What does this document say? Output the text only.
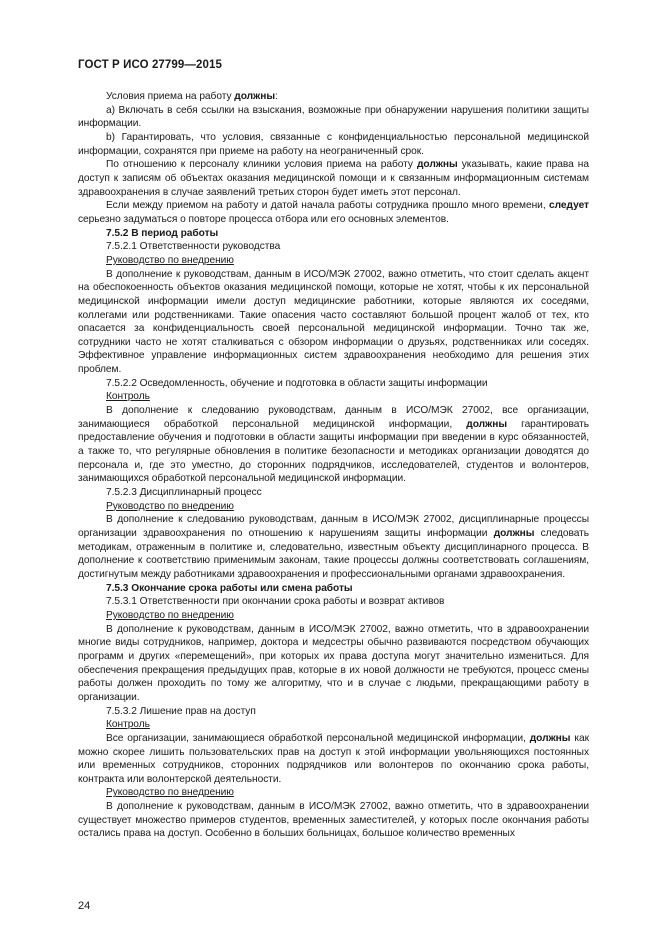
ГОСТ Р ИСО 27799—2015
Условия приема на работу должны:
а) Включать в себя ссылки на взыскания, возможные при обнаружении нарушения политики защиты информации.
b) Гарантировать, что условия, связанные с конфиденциальностью персональной медицинской информации, сохранятся при приеме на работу на неограниченный срок.
По отношению к персоналу клиники условия приема на работу должны указывать, какие права на доступ к записям об объектах оказания медицинской помощи и к связанным информационным системам здравоохранения в случае заявлений третьих сторон будет иметь этот персонал.
Если между приемом на работу и датой начала работы сотрудника прошло много времени, следует серьезно задуматься о повторе процесса отбора или его основных элементов.
7.5.2 В период работы
7.5.2.1 Ответственности руководства
Руководство по внедрению
В дополнение к руководствам, данным в ИСО/МЭК 27002, важно отметить, что стоит сделать акцент на обеспокоенность объектов оказания медицинской помощи, которые не хотят, чтобы к их персональной медицинской информации имели доступ медицинские работники, которые являются их соседями, коллегами или родственниками. Такие опасения часто составляют большой процент жалоб от тех, кто опасается за конфиденциальность своей персональной медицинской информации. Точно так же, сотрудники часто не хотят сталкиваться с обзором информации о друзьях, родственниках или соседях. Эффективное управление информационных систем здравоохранения необходимо для решения этих проблем.
7.5.2.2 Осведомленность, обучение и подготовка в области защиты информации
Контроль
В дополнение к следованию руководствам, данным в ИСО/МЭК 27002, все организации, занимающиеся обработкой персональной медицинской информации, должны гарантировать предоставление обучения и подготовки в области защиты информации при введении в курс обязанностей, а также то, что регулярные обновления в политике безопасности и методиках организации доводятся до персонала и, где это уместно, до сторонних подрядчиков, исследователей, студентов и волонтеров, занимающихся обработкой персональной медицинской информации.
7.5.2.3 Дисциплинарный процесс
Руководство по внедрению
В дополнение к следованию руководствам, данным в ИСО/МЭК 27002, дисциплинарные процессы организации здравоохранения по отношению к нарушениям защиты информации должны следовать методикам, отраженным в политике и, следовательно, известным объекту дисциплинарного процесса. В дополнение к соответствию применимым законам, такие процессы должны соответствовать соглашениям, достигнутым между работниками здравоохранения и профессиональными органами здравоохранения.
7.5.3 Окончание срока работы или смена работы
7.5.3.1 Ответственности при окончании срока работы и возврат активов
Руководство по внедрению
В дополнение к руководствам, данным в ИСО/МЭК 27002, важно отметить, что в здравоохранении многие виды сотрудников, например, доктора и медсестры обычно развиваются посредством обучающих программ и других «перемещений», при которых их права доступа могут значительно измениться. Для обеспечения прекращения предыдущих прав, которые в их новой должности не требуются, процесс смены работы должен проходить по тому же алгоритму, что и в случае с людьми, прекращающими работу в организации.
7.5.3.2 Лишение прав на доступ
Контроль
Все организации, занимающиеся обработкой персональной медицинской информации, должны как можно скорее лишить пользовательских прав на доступ к этой информации увольняющихся постоянных или временных сотрудников, сторонних подрядчиков или волонтеров по окончанию срока работы, контракта или волонтерской деятельности.
Руководство по внедрению
В дополнение к руководствам, данным в ИСО/МЭК 27002, важно отметить, что в здравоохранении существует множество примеров студентов, временных заместителей, у которых после окончания работы остались права на доступ. Особенно в больших больницах, большое количество временных
24
